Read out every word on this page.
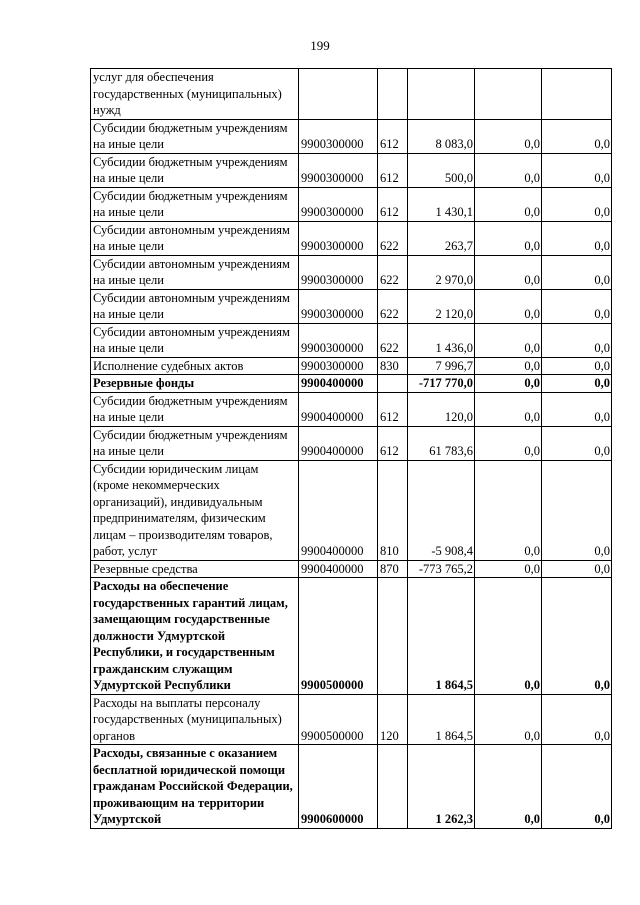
199
услуг для обеспечения государственных (муниципальных) нужд					
Субсидии бюджетным учреждениям на иные цели	9900300000	612	8 083,0	0,0	0,0
Субсидии бюджетным учреждениям на иные цели	9900300000	612	500,0	0,0	0,0
Субсидии бюджетным учреждениям на иные цели	9900300000	612	1 430,1	0,0	0,0
Субсидии автономным учреждениям на иные цели	9900300000	622	263,7	0,0	0,0
Субсидии автономным учреждениям на иные цели	9900300000	622	2 970,0	0,0	0,0
Субсидии автономным учреждениям на иные цели	9900300000	622	2 120,0	0,0	0,0
Субсидии автономным учреждениям на иные цели	9900300000	622	1 436,0	0,0	0,0
Исполнение судебных актов	9900300000	830	7 996,7	0,0	0,0
Резервные фонды	9900400000		-717 770,0	0,0	0,0
Субсидии бюджетным учреждениям на иные цели	9900400000	612	120,0	0,0	0,0
Субсидии бюджетным учреждениям на иные цели	9900400000	612	61 783,6	0,0	0,0
Субсидии юридическим лицам (кроме некоммерческих организаций), индивидуальным предпринимателям, физическим лицам – производителям товаров, работ, услуг	9900400000	810	-5 908,4	0,0	0,0
Резервные средства	9900400000	870	-773 765,2	0,0	0,0
Расходы на обеспечение государственных гарантий лицам, замещающим государственные должности Удмуртской Республики, и государственным гражданским служащим Удмуртской Республики	9900500000		1 864,5	0,0	0,0
Расходы на выплаты персоналу государственных (муниципальных) органов	9900500000	120	1 864,5	0,0	0,0
Расходы, связанные с оказанием бесплатной юридической помощи гражданам Российской Федерации, проживающим на территории Удмуртской	9900600000		1 262,3	0,0	0,0
